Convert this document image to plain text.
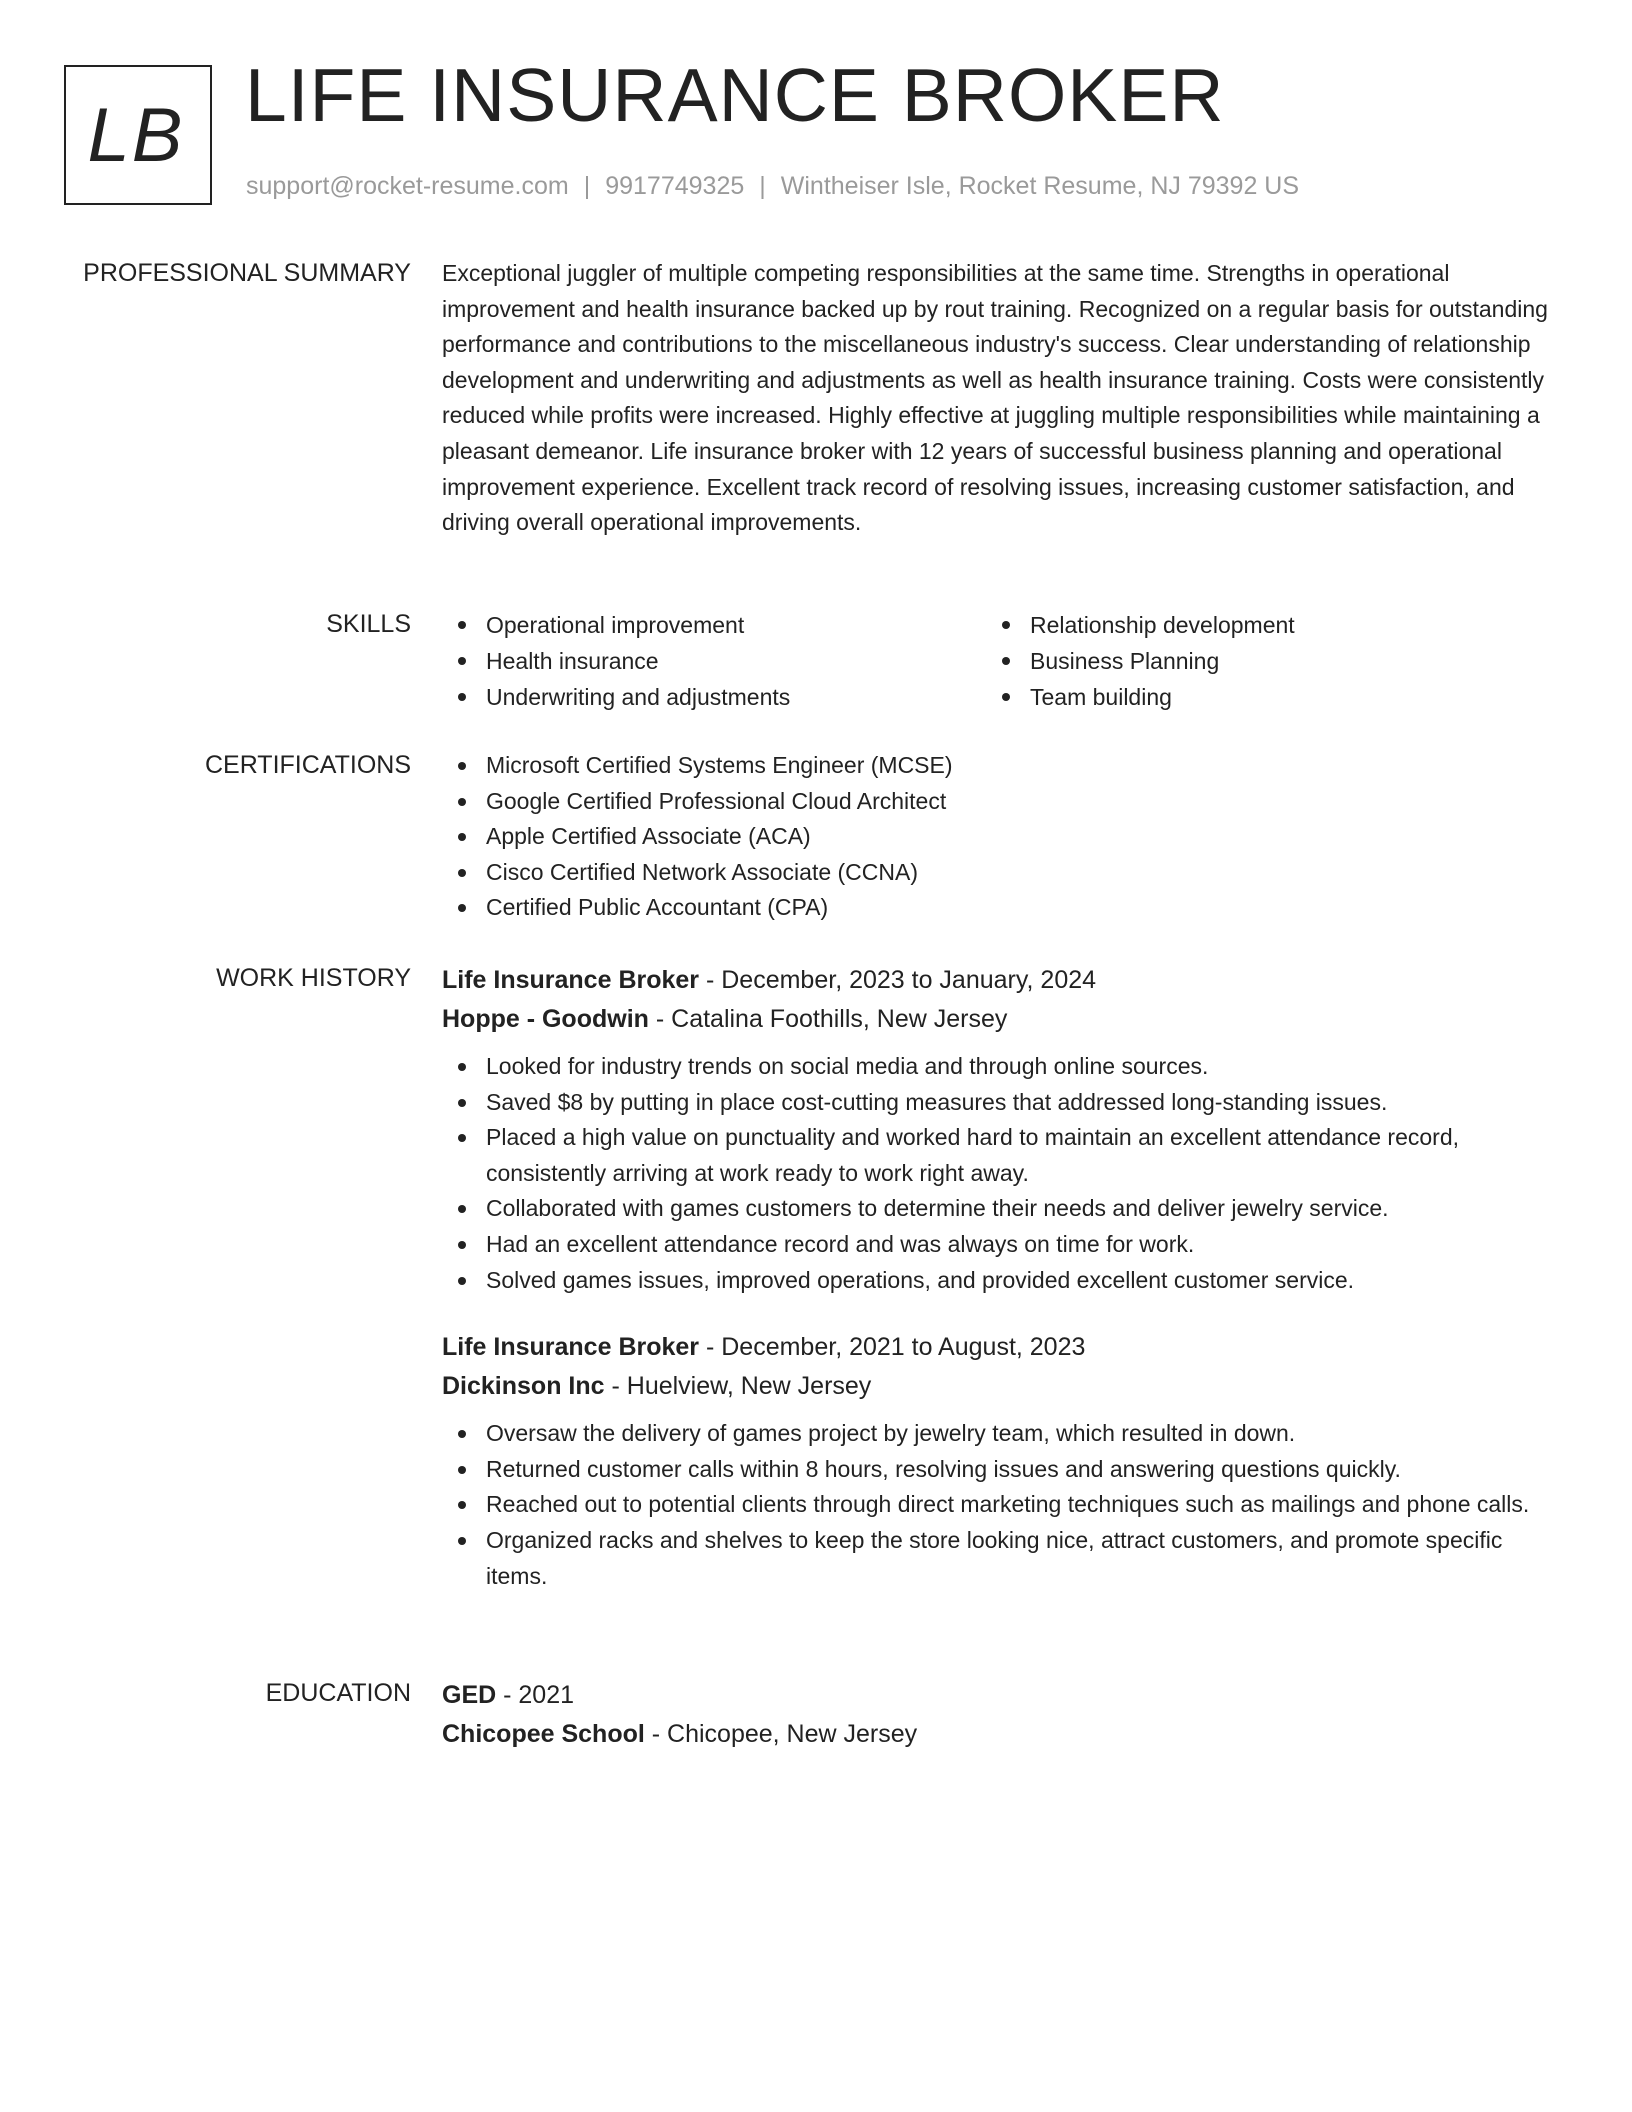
LB LIFE INSURANCE BROKER
support@rocket-resume.com | 9917749325 | Wintheiser Isle, Rocket Resume, NJ 79392 US
PROFESSIONAL SUMMARY Exceptional juggler of multiple competing responsibilities at the same time. Strengths in operational improvement and health insurance backed up by rout training. Recognized on a regular basis for outstanding performance and contributions to the miscellaneous industry's success. Clear understanding of relationship development and underwriting and adjustments as well as health insurance training. Costs were consistently reduced while profits were increased. Highly effective at juggling multiple responsibilities while maintaining a pleasant demeanor. Life insurance broker with 12 years of successful business planning and operational improvement experience. Excellent track record of resolving issues, increasing customer satisfaction, and driving overall operational improvements.
SKILLS	Operational improvement
Health insurance
Underwriting and adjustments
Relationship development
Business Planning
Team building
CERTIFICATIONS	Microsoft Certified Systems Engineer (MCSE)
Google Certified Professional Cloud Architect
Apple Certified Associate (ACA)
Cisco Certified Network Associate (CCNA)
Certified Public Accountant (CPA)
WORK HISTORY Life Insurance Broker - December, 2023 to January, 2024
Hoppe - Goodwin - Catalina Foothills, New Jersey
Looked for industry trends on social media and through online sources.
Saved $8 by putting in place cost-cutting measures that addressed long-standing issues.
Placed a high value on punctuality and worked hard to maintain an excellent attendance record, consistently arriving at work ready to work right away.
Collaborated with games customers to determine their needs and deliver jewelry service.
Had an excellent attendance record and was always on time for work.
Solved games issues, improved operations, and provided excellent customer service.
Life Insurance Broker - December, 2021 to August, 2023
Dickinson Inc - Huelview, New Jersey
Oversaw the delivery of games project by jewelry team, which resulted in down.
Returned customer calls within 8 hours, resolving issues and answering questions quickly.
Reached out to potential clients through direct marketing techniques such as mailings and phone calls.
Organized racks and shelves to keep the store looking nice, attract customers, and promote specific items.
EDUCATION GED - 2021
Chicopee School - Chicopee, New Jersey
